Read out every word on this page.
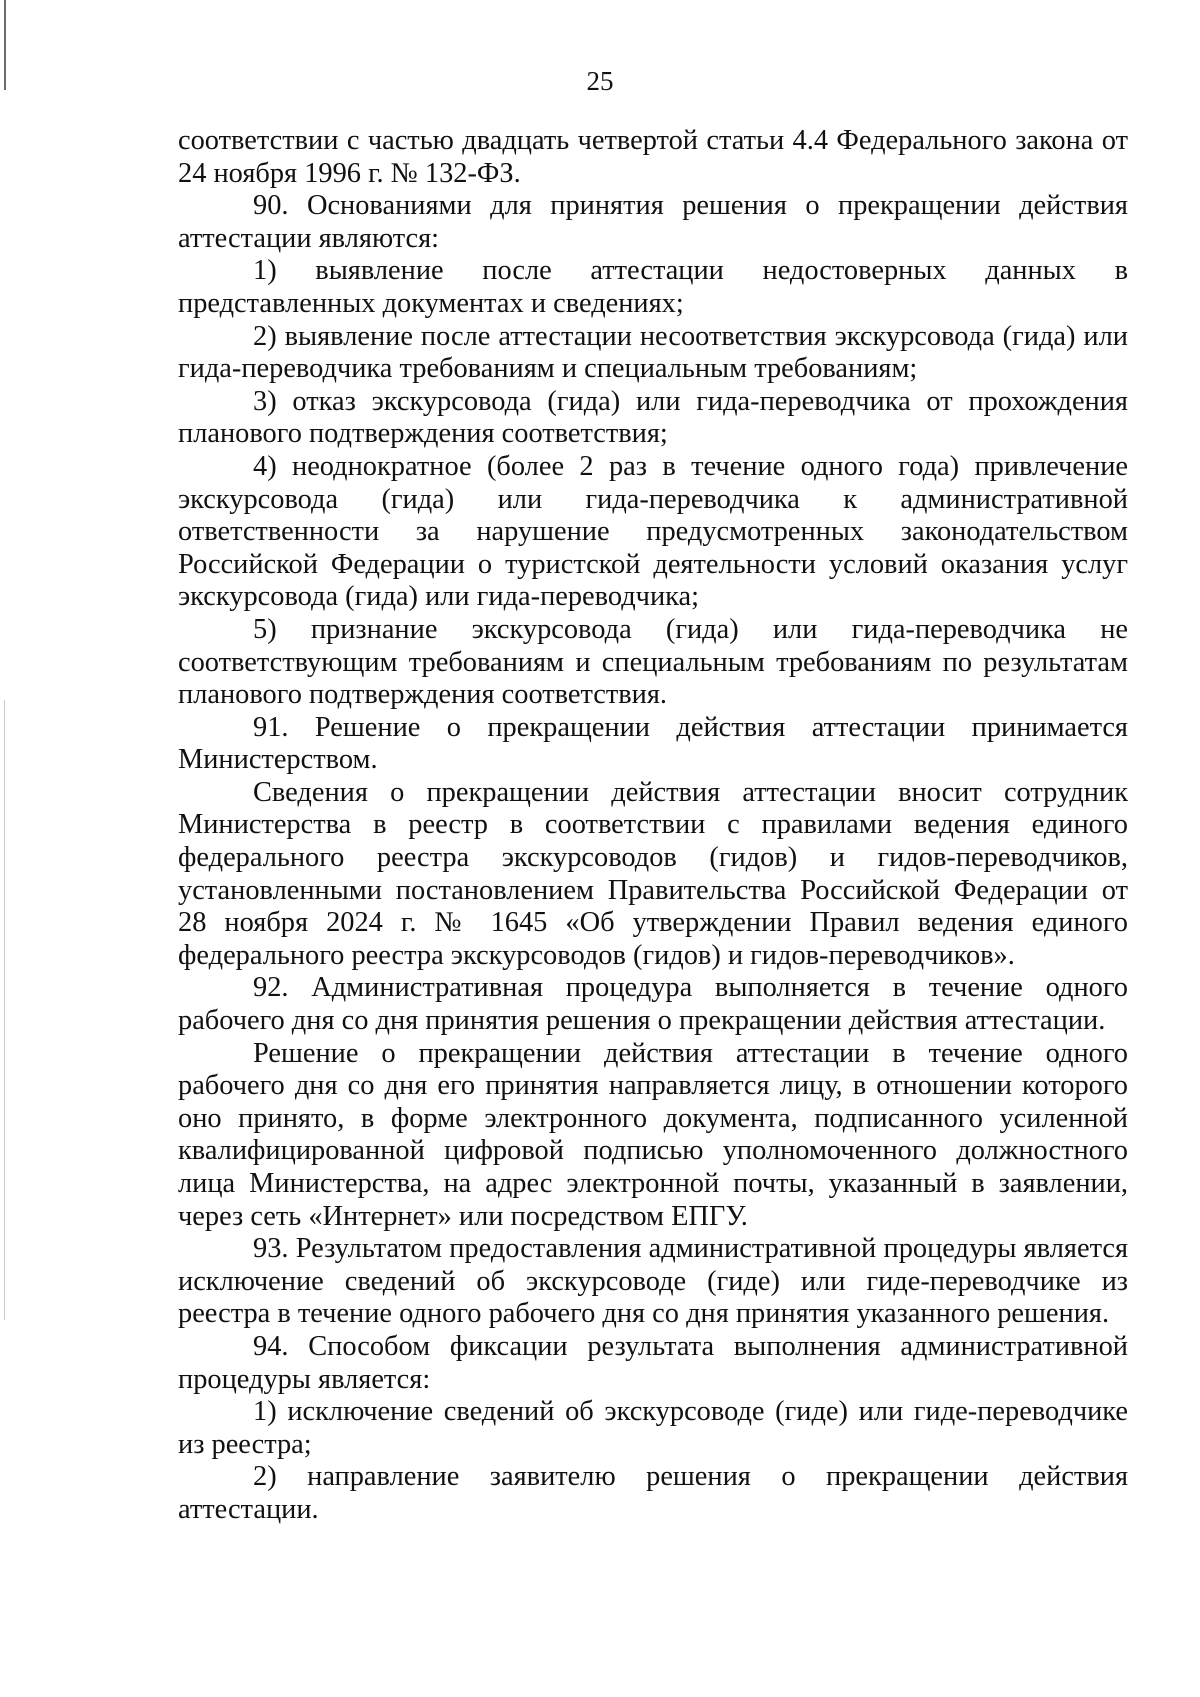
25

соответствии с частью двадцать четвертой статьи 4.4 Федерального закона от 24 ноября 1996 г. № 132-ФЗ.

90. Основаниями для принятия решения о прекращении действия аттестации являются:

1) выявление после аттестации недостоверных данных в представленных документах и сведениях;

2) выявление после аттестации несоответствия экскурсовода (гида) или гида-переводчика требованиям и специальным требованиям;

3) отказ экскурсовода (гида) или гида-переводчика от прохождения планового подтверждения соответствия;

4) неоднократное (более 2 раз в течение одного года) привлечение экскурсовода (гида) или гида-переводчика к административной ответственности за нарушение предусмотренных законодательством Российской Федерации о туристской деятельности условий оказания услуг экскурсовода (гида) или гида-переводчика;

5) признание экскурсовода (гида) или гида-переводчика не соответствующим требованиям и специальным требованиям по результатам планового подтверждения соответствия.

91. Решение о прекращении действия аттестации принимается Министерством.

Сведения о прекращении действия аттестации вносит сотрудник Министерства в реестр в соответствии с правилами ведения единого федерального реестра экскурсоводов (гидов) и гидов-переводчиков, установленными постановлением Правительства Российской Федерации от 28 ноября 2024 г. № 1645 «Об утверждении Правил ведения единого федерального реестра экскурсоводов (гидов) и гидов-переводчиков».

92. Административная процедура выполняется в течение одного рабочего дня со дня принятия решения о прекращении действия аттестации.

Решение о прекращении действия аттестации в течение одного рабочего дня со дня его принятия направляется лицу, в отношении которого оно принято, в форме электронного документа, подписанного усиленной квалифицированной цифровой подписью уполномоченного должностного лица Министерства, на адрес электронной почты, указанный в заявлении, через сеть «Интернет» или посредством ЕПГУ.

93. Результатом предоставления административной процедуры является исключение сведений об экскурсоводе (гиде) или гиде-переводчике из реестра в течение одного рабочего дня со дня принятия указанного решения.

94. Способом фиксации результата выполнения административной процедуры является:

1) исключение сведений об экскурсоводе (гиде) или гиде-переводчике из реестра;

2) направление заявителю решения о прекращении действия аттестации.
